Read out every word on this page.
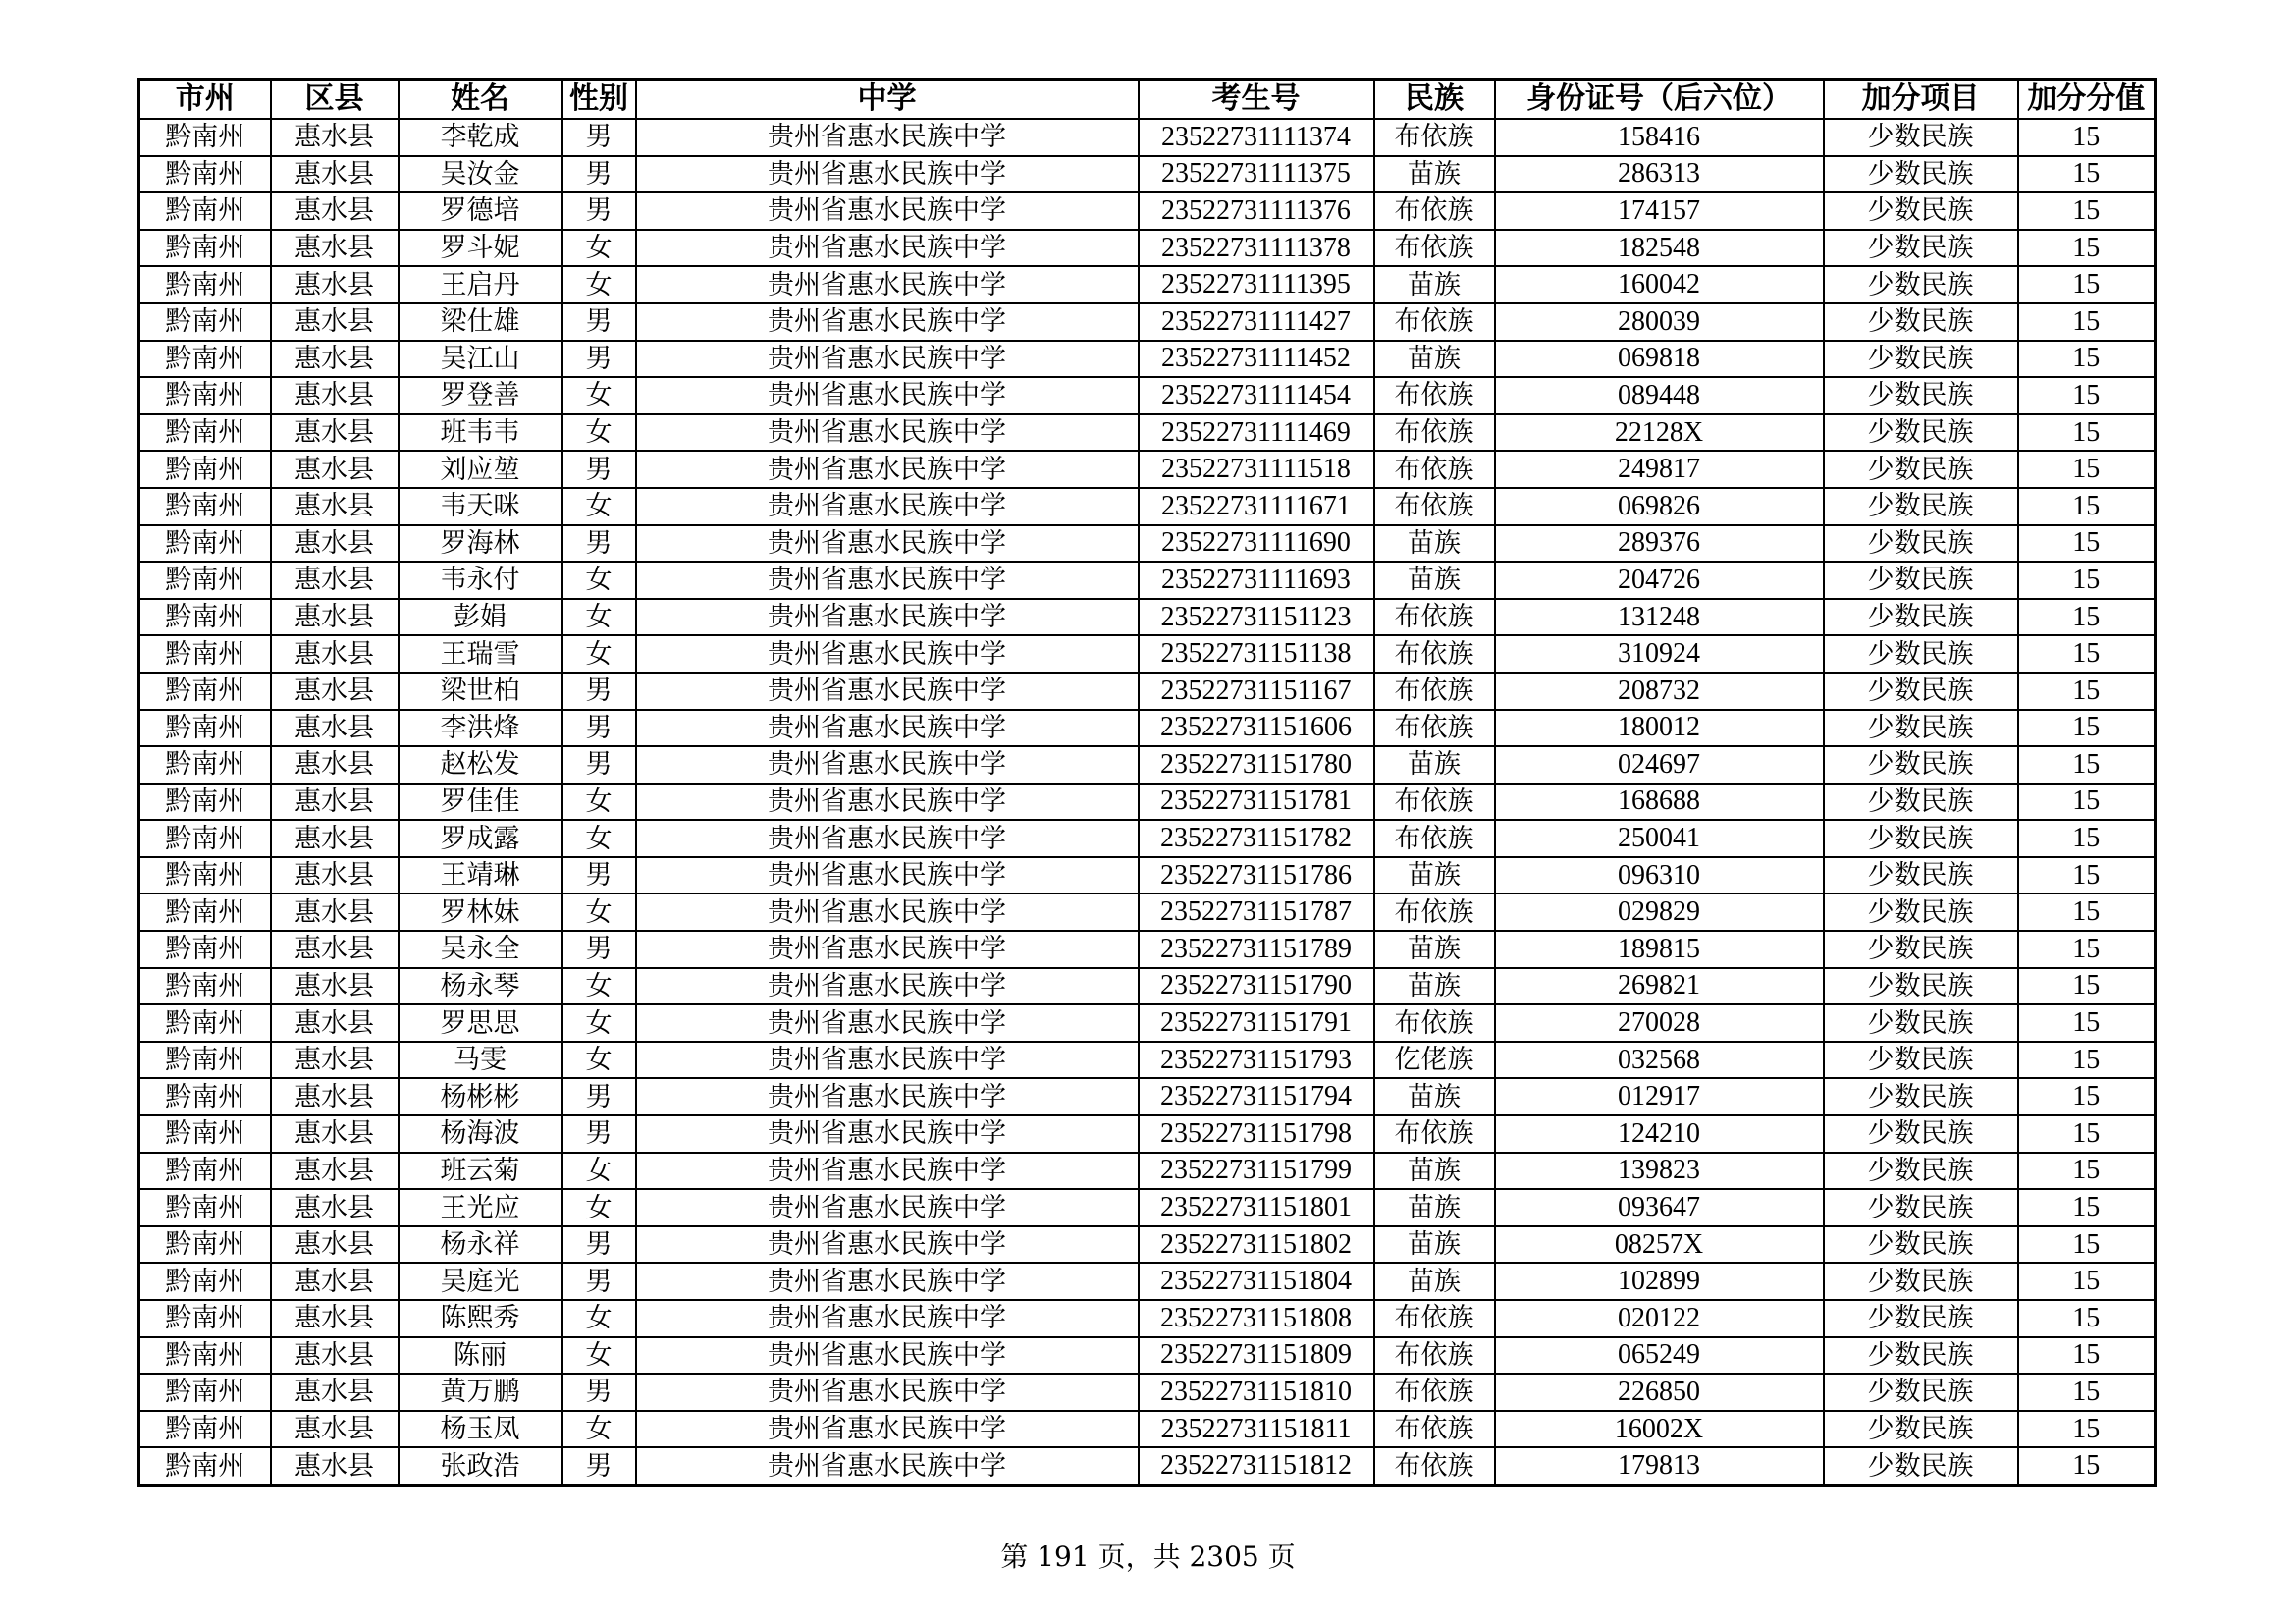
市州	区县	姓名	性别	中学	考生号	民族	身份证号（后六位）	加分项目	加分分值
黔南州	惠水县	李乾成	男	贵州省惠水民族中学	23522731111374	布依族	158416	少数民族	15
黔南州	惠水县	吴汝金	男	贵州省惠水民族中学	23522731111375	苗族	286313	少数民族	15
黔南州	惠水县	罗德培	男	贵州省惠水民族中学	23522731111376	布依族	174157	少数民族	15
黔南州	惠水县	罗斗妮	女	贵州省惠水民族中学	23522731111378	布依族	182548	少数民族	15
黔南州	惠水县	王启丹	女	贵州省惠水民族中学	23522731111395	苗族	160042	少数民族	15
黔南州	惠水县	梁仕雄	男	贵州省惠水民族中学	23522731111427	布依族	280039	少数民族	15
黔南州	惠水县	吴江山	男	贵州省惠水民族中学	23522731111452	苗族	069818	少数民族	15
黔南州	惠水县	罗登善	女	贵州省惠水民族中学	23522731111454	布依族	089448	少数民族	15
黔南州	惠水县	班韦韦	女	贵州省惠水民族中学	23522731111469	布依族	22128X	少数民族	15
黔南州	惠水县	刘应堃	男	贵州省惠水民族中学	23522731111518	布依族	249817	少数民族	15
黔南州	惠水县	韦天咪	女	贵州省惠水民族中学	23522731111671	布依族	069826	少数民族	15
黔南州	惠水县	罗海林	男	贵州省惠水民族中学	23522731111690	苗族	289376	少数民族	15
黔南州	惠水县	韦永付	女	贵州省惠水民族中学	23522731111693	苗族	204726	少数民族	15
黔南州	惠水县	彭娟	女	贵州省惠水民族中学	23522731151123	布依族	131248	少数民族	15
黔南州	惠水县	王瑞雪	女	贵州省惠水民族中学	23522731151138	布依族	310924	少数民族	15
黔南州	惠水县	梁世柏	男	贵州省惠水民族中学	23522731151167	布依族	208732	少数民族	15
黔南州	惠水县	李洪烽	男	贵州省惠水民族中学	23522731151606	布依族	180012	少数民族	15
黔南州	惠水县	赵松发	男	贵州省惠水民族中学	23522731151780	苗族	024697	少数民族	15
黔南州	惠水县	罗佳佳	女	贵州省惠水民族中学	23522731151781	布依族	168688	少数民族	15
黔南州	惠水县	罗成露	女	贵州省惠水民族中学	23522731151782	布依族	250041	少数民族	15
黔南州	惠水县	王靖琳	男	贵州省惠水民族中学	23522731151786	苗族	096310	少数民族	15
黔南州	惠水县	罗林妹	女	贵州省惠水民族中学	23522731151787	布依族	029829	少数民族	15
黔南州	惠水县	吴永全	男	贵州省惠水民族中学	23522731151789	苗族	189815	少数民族	15
黔南州	惠水县	杨永琴	女	贵州省惠水民族中学	23522731151790	苗族	269821	少数民族	15
黔南州	惠水县	罗思思	女	贵州省惠水民族中学	23522731151791	布依族	270028	少数民族	15
黔南州	惠水县	马雯	女	贵州省惠水民族中学	23522731151793	仡佬族	032568	少数民族	15
黔南州	惠水县	杨彬彬	男	贵州省惠水民族中学	23522731151794	苗族	012917	少数民族	15
黔南州	惠水县	杨海波	男	贵州省惠水民族中学	23522731151798	布依族	124210	少数民族	15
黔南州	惠水县	班云菊	女	贵州省惠水民族中学	23522731151799	苗族	139823	少数民族	15
黔南州	惠水县	王光应	女	贵州省惠水民族中学	23522731151801	苗族	093647	少数民族	15
黔南州	惠水县	杨永祥	男	贵州省惠水民族中学	23522731151802	苗族	08257X	少数民族	15
黔南州	惠水县	吴庭光	男	贵州省惠水民族中学	23522731151804	苗族	102899	少数民族	15
黔南州	惠水县	陈熙秀	女	贵州省惠水民族中学	23522731151808	布依族	020122	少数民族	15
黔南州	惠水县	陈丽	女	贵州省惠水民族中学	23522731151809	布依族	065249	少数民族	15
黔南州	惠水县	黄万鹏	男	贵州省惠水民族中学	23522731151810	布依族	226850	少数民族	15
黔南州	惠水县	杨玉凤	女	贵州省惠水民族中学	23522731151811	布依族	16002X	少数民族	15
黔南州	惠水县	张政浩	男	贵州省惠水民族中学	23522731151812	布依族	179813	少数民族	15
第 191 页，共 2305 页
